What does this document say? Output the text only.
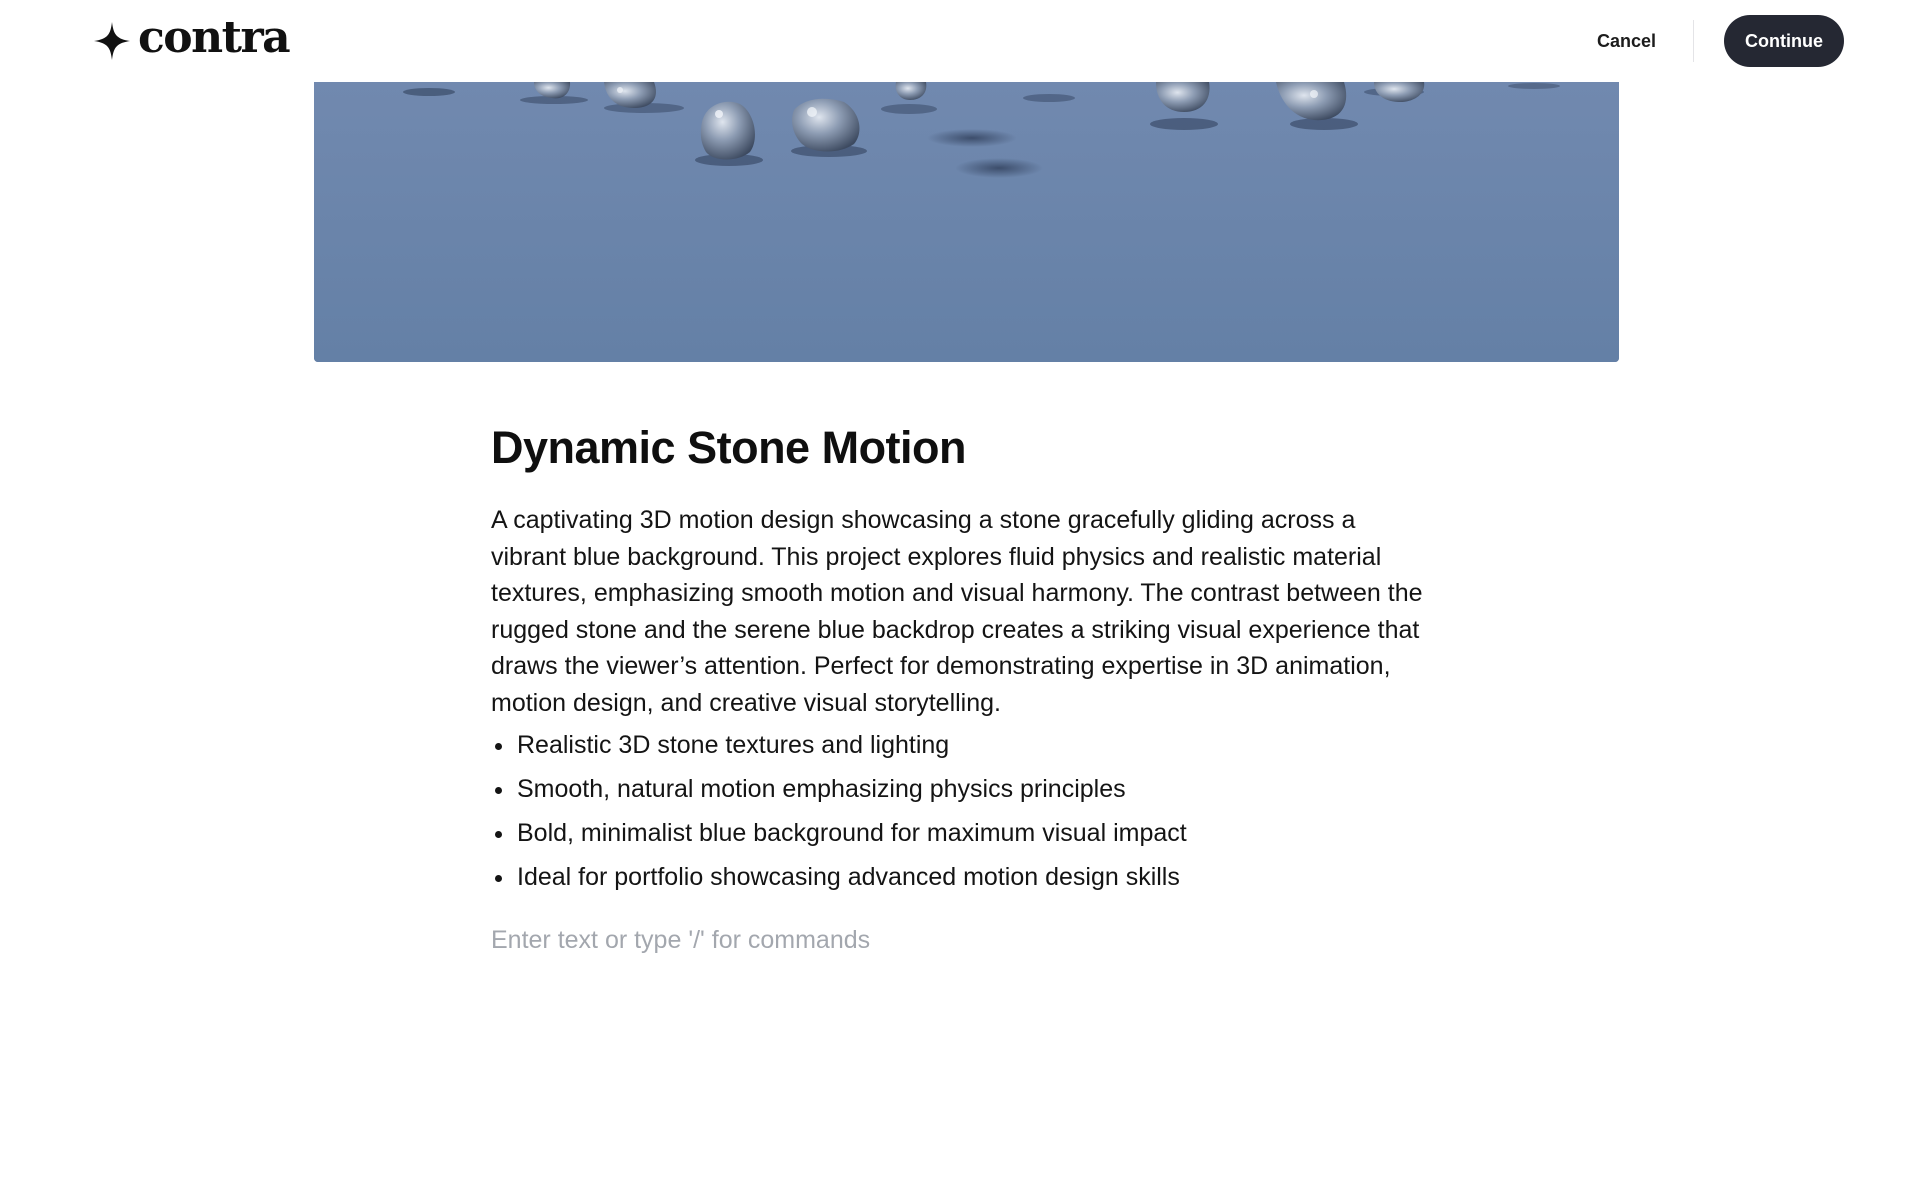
contra	Cancel	Continue
Dynamic Stone Motion

A captivating 3D motion design showcasing a stone gracefully gliding across a vibrant blue background. This project explores fluid physics and realistic material textures, emphasizing smooth motion and visual harmony. The contrast between the rugged stone and the serene blue backdrop creates a striking visual experience that draws the viewer’s attention. Perfect for demonstrating expertise in 3D animation, motion design, and creative visual storytelling.

• Realistic 3D stone textures and lighting
• Smooth, natural motion emphasizing physics principles
• Bold, minimalist blue background for maximum visual impact
• Ideal for portfolio showcasing advanced motion design skills
Enter text or type '/' for commands
